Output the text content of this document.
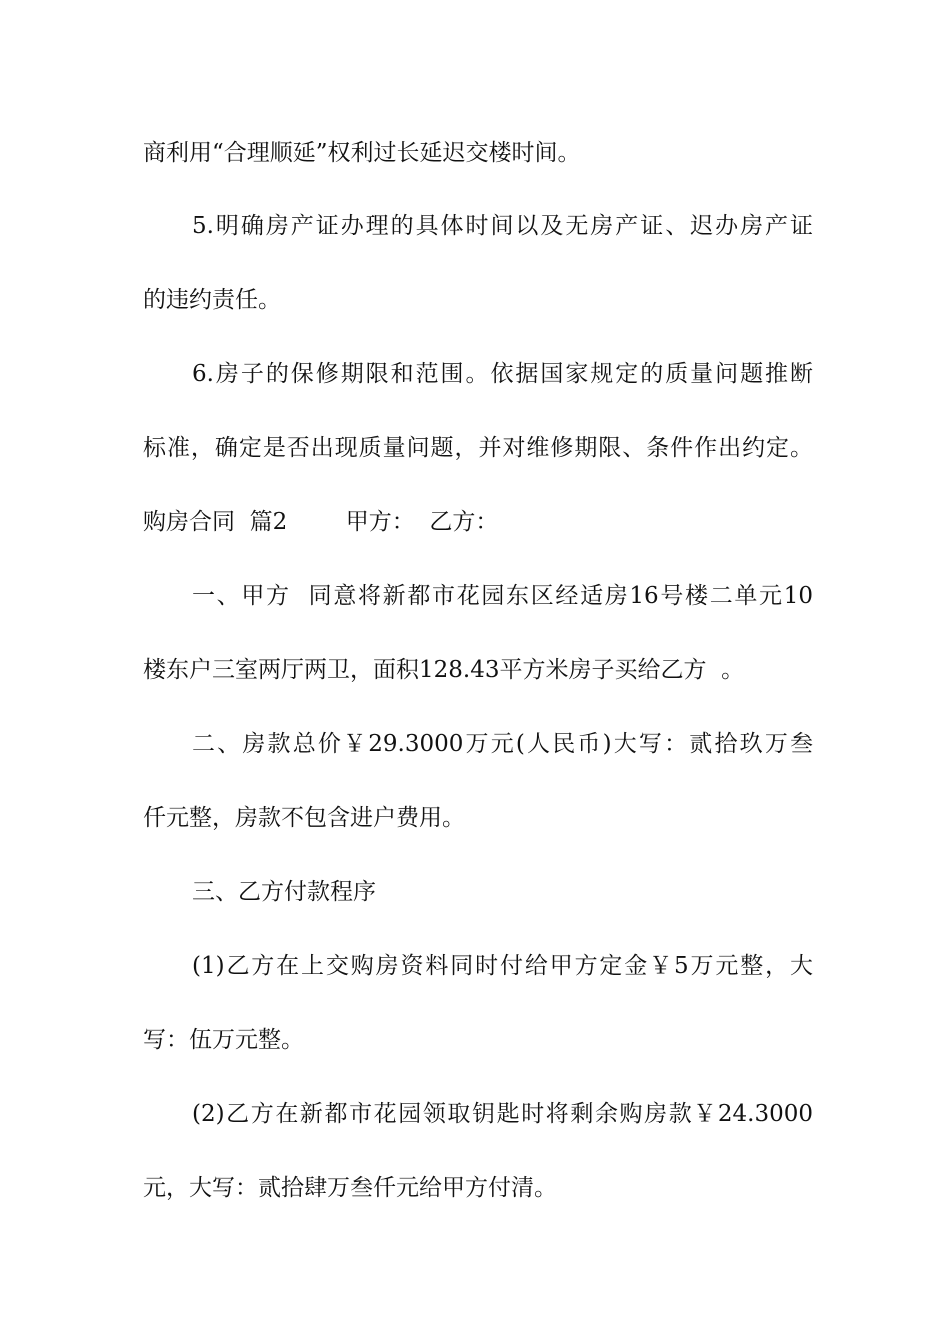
商利用“合理顺延”权利过长延迟交楼时间。
5.明确房产证办理的具体时间以及无房产证、迟办房产证
的违约责任。
6.房子的保修期限和范围。依据国家规定的质量问题推断
标准，确定是否出现质量问题，并对维修期限、条件作出约定。
购房合同  篇2        甲方：  乙方：
一、甲方  同意将新都市花园东区经适房16号楼二单元10
楼东户三室两厅两卫，面积128.43平方米房子买给乙方  。
二、房款总价￥29.3000万元(人民币)大写：贰拾玖万叁
仟元整，房款不包含进户费用。
三、乙方付款程序
(1)乙方在上交购房资料同时付给甲方定金￥5万元整，大
写：伍万元整。
(2)乙方在新都市花园领取钥匙时将剩余购房款￥24.3000
元，大写：贰拾肆万叁仟元给甲方付清。
